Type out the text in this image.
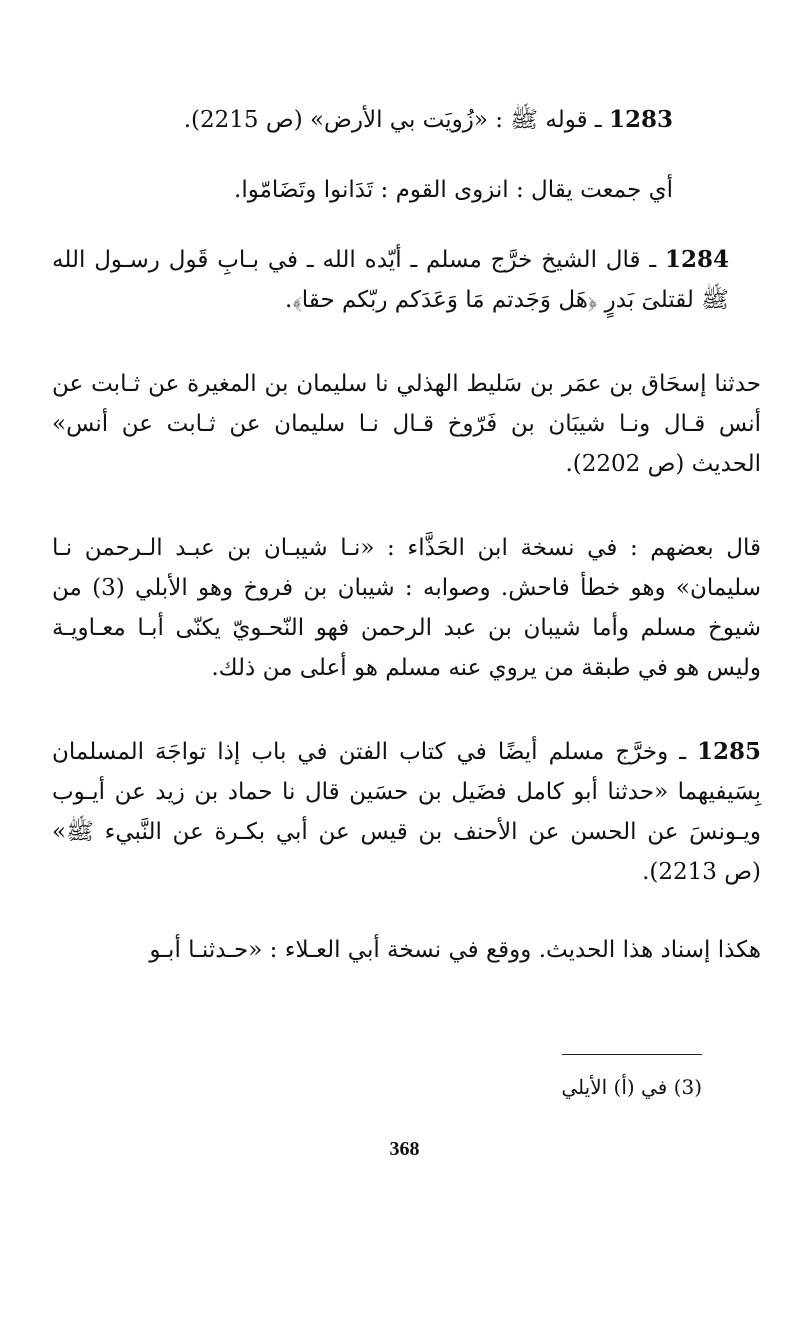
1283 ـ قوله ﷺ : «زُويَت بي الأرض» (ص 2215).

أي جمعت يقال : انزوى القوم : تَدَانوا وتَضَامّوا.

1284 ـ قال الشيخ خرَّج مسلم ـ أيّده الله ـ في بـابِ قَول رسـول الله ﷺ لقتلىَ بَدرٍ ﴿هَل وَجَدتم مَا وَعَدَكم ربّكم حقا﴾.

حدثنا إسحَاق بن عمَر بن سَليط الهذلي نا سليمان بن المغيرة عن ثـابت عن أنس قـال ونـا شيبَان بن فَرّوخ قـال نـا سليمان عن ثـابت عن أنس» الحديث (ص 2202).

قال بعضهم : في نسخة ابن الحَذَّاء : «نـا شيبـان بن عبـد الـرحمن نـا سليمان» وهو خطأ فاحش. وصوابه : شيبان بن فروخ وهو الأبلي (3) من شيوخ مسلم وأما شيبان بن عبد الرحمن فهو النّحـويّ يكنّى أبـا معـاويـة وليس هو في طبقة من يروي عنه مسلم هو أعلى من ذلك.

1285 ـ وخرَّج مسلم أيضًا في كتاب الفتن في باب إذا تواجَهَ المسلمان بِسَيفيهما «حدثنا أبو كامل فضَيل بن حسَين قال نا حماد بن زيد عن أيـوب ويـونسَ عن الحسن عن الأحنف بن قيس عن أبي بكـرة عن النَّبيء ﷺ» (ص 2213).

هكذا إسناد هذا الحديث. ووقع في نسخة أبي العـلاء : «حـدثنـا أبـو

(3) في (أ) الأيلي
368
